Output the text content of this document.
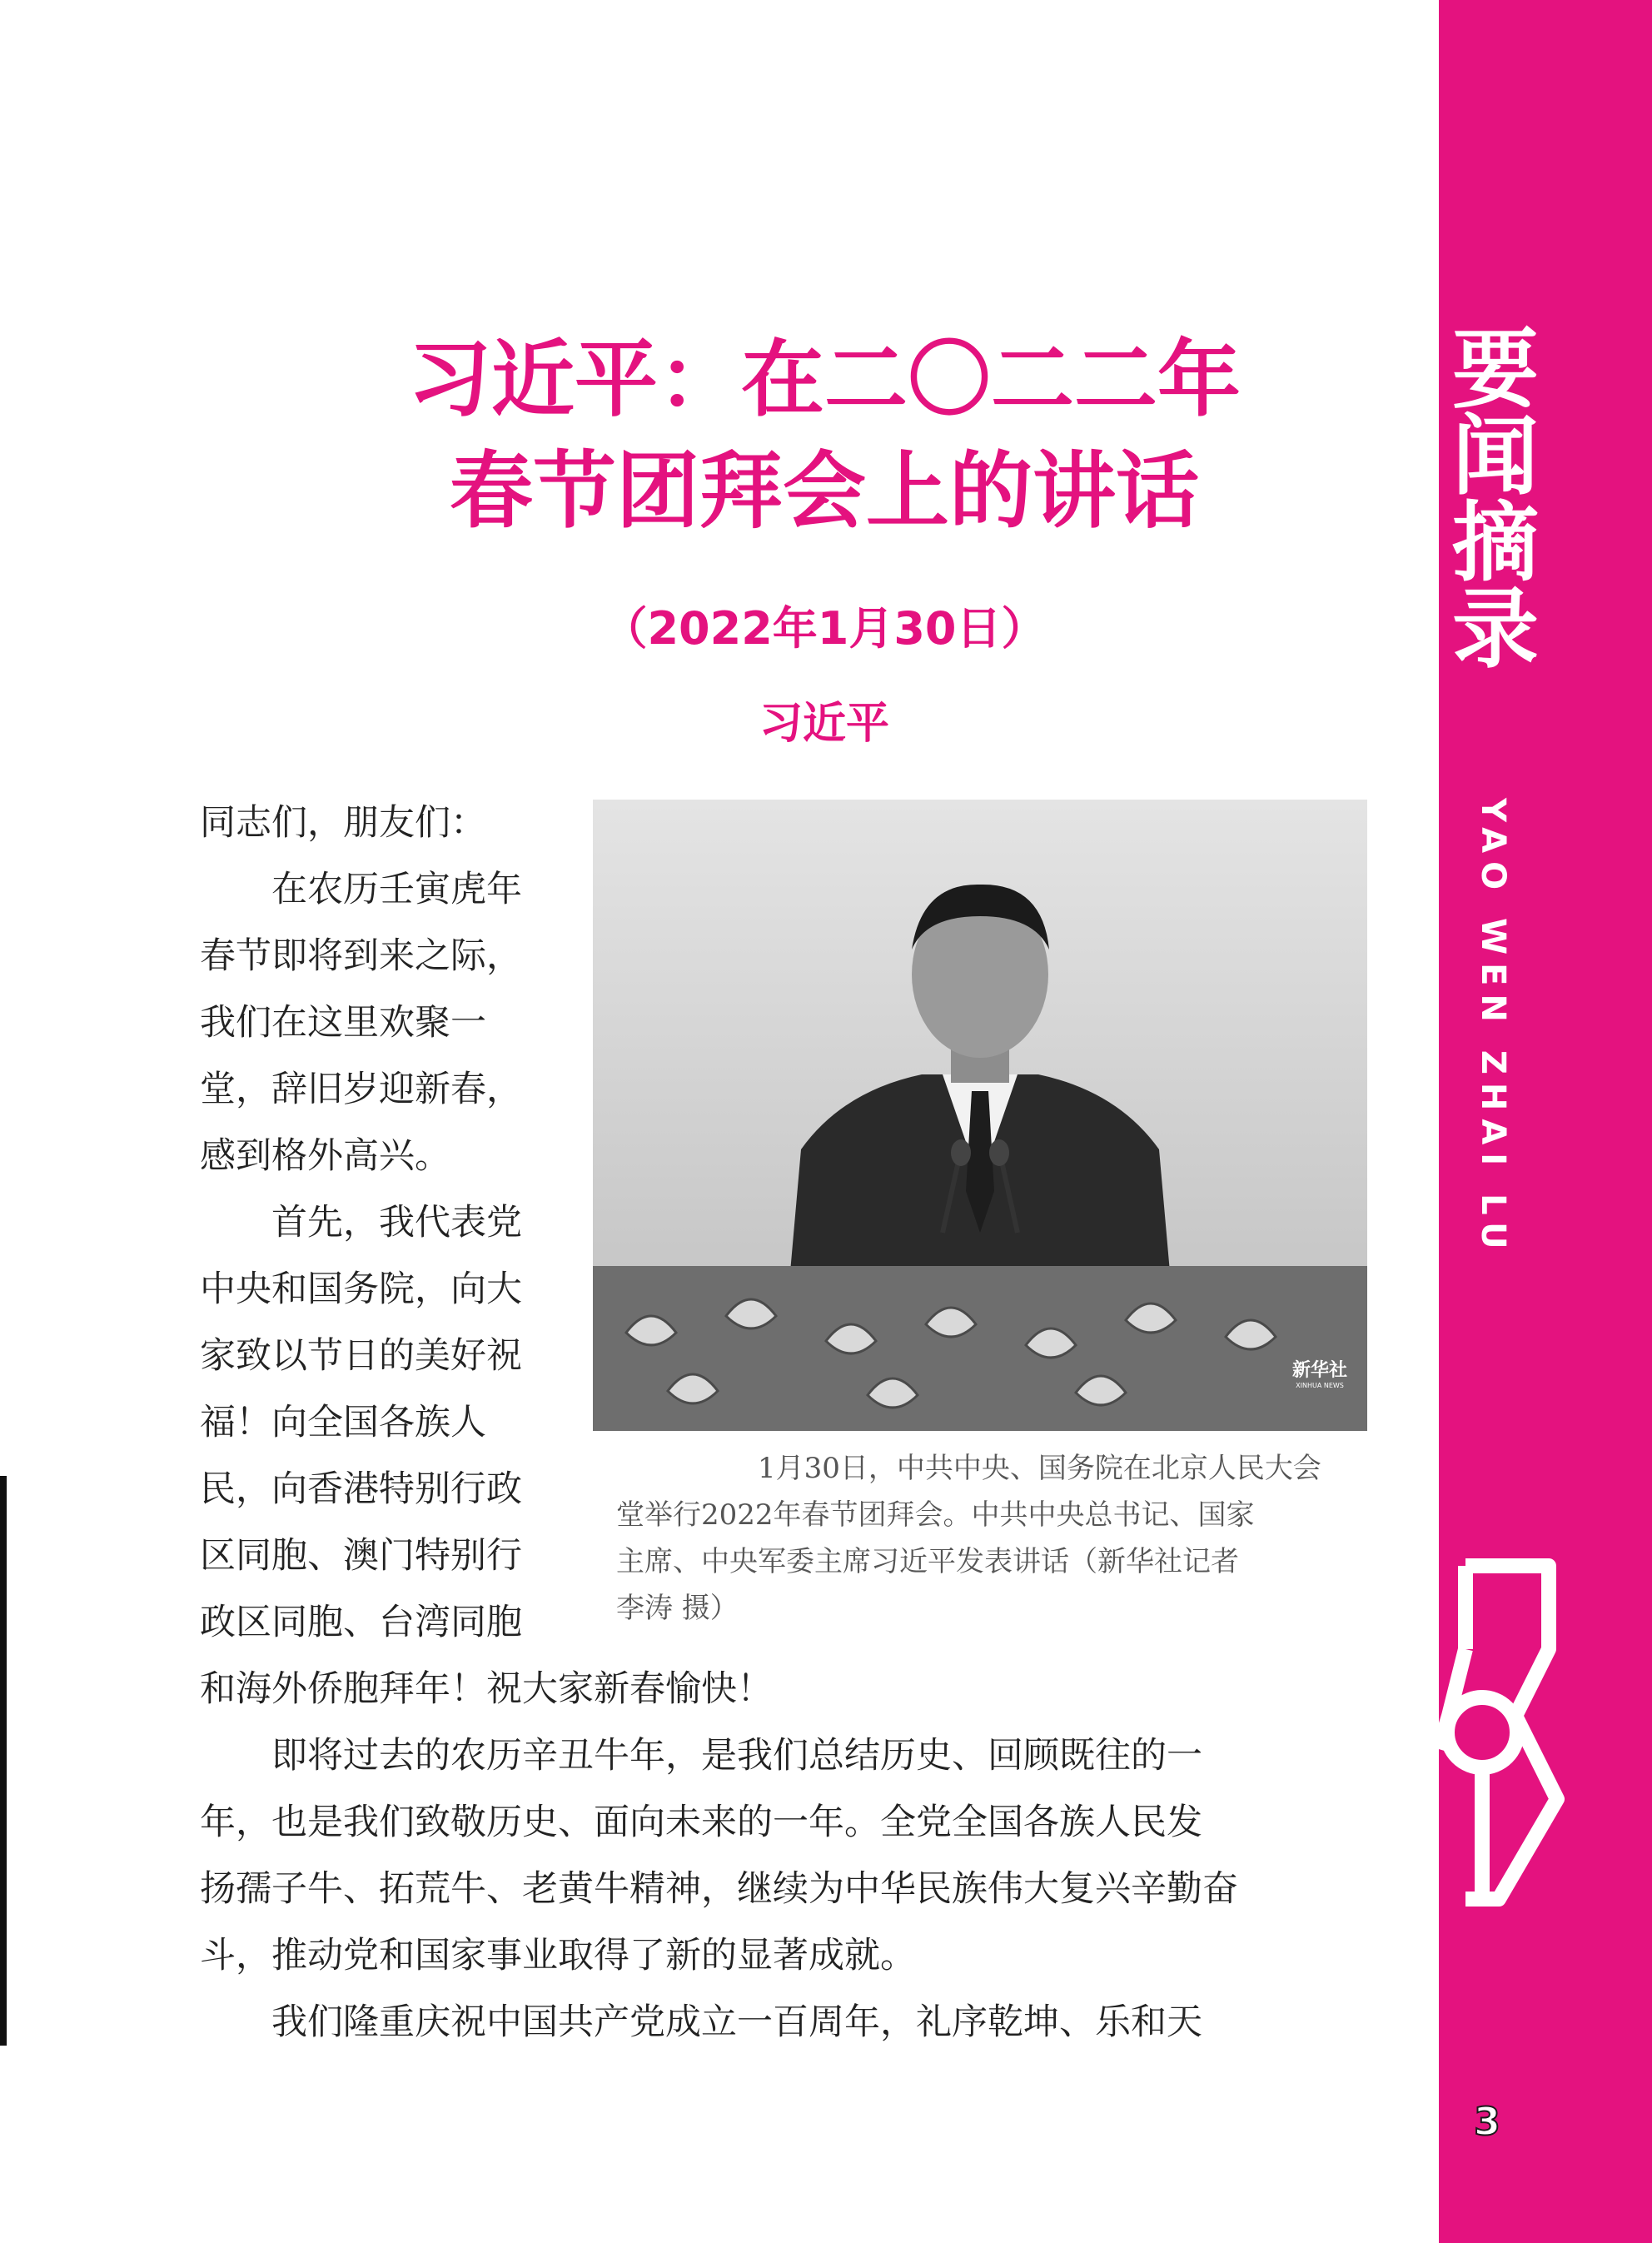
要闻摘录
YAO WEN ZHAI LU
3
习近平：在二〇二二年
春节团拜会上的讲话
（2022年1月30日）
习近平
同志们，朋友们：
在农历壬寅虎年
春节即将到来之际，
我们在这里欢聚一
堂，辞旧岁迎新春，
感到格外高兴。
首先，我代表党
中央和国务院，向大
家致以节日的美好祝
福！向全国各族人
民，向香港特别行政
区同胞、澳门特别行
政区同胞、台湾同胞
新华社
XINHUA NEWS
1月30日，中共中央、国务院在北京人民大会
堂举行2022年春节团拜会。中共中央总书记、国家
主席、中央军委主席习近平发表讲话（新华社记者
李涛 摄）
和海外侨胞拜年！祝大家新春愉快！
即将过去的农历辛丑牛年，是我们总结历史、回顾既往的一
年，也是我们致敬历史、面向未来的一年。全党全国各族人民发
扬孺子牛、拓荒牛、老黄牛精神，继续为中华民族伟大复兴辛勤奋
斗，推动党和国家事业取得了新的显著成就。
我们隆重庆祝中国共产党成立一百周年，礼序乾坤、乐和天
